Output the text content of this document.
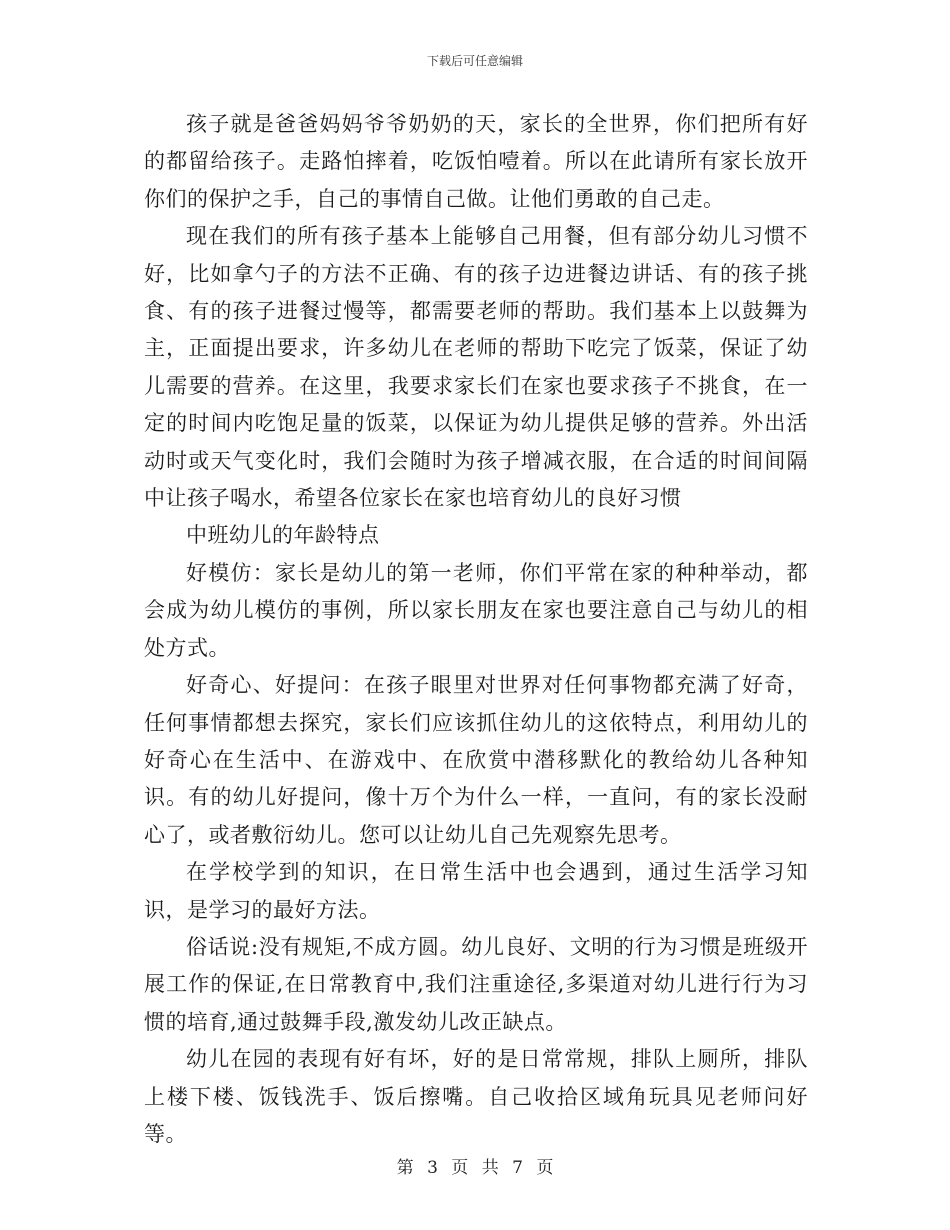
下载后可任意编辑

孩子就是爸爸妈妈爷爷奶奶的天，家长的全世界，你们把所有好的都留给孩子。走路怕摔着，吃饭怕噎着。所以在此请所有家长放开你们的保护之手，自己的事情自己做。让他们勇敢的自己走。

现在我们的所有孩子基本上能够自己用餐，但有部分幼儿习惯不好，比如拿勺子的方法不正确、有的孩子边进餐边讲话、有的孩子挑食、有的孩子进餐过慢等，都需要老师的帮助。我们基本上以鼓舞为主，正面提出要求，许多幼儿在老师的帮助下吃完了饭菜，保证了幼儿需要的营养。在这里，我要求家长们在家也要求孩子不挑食，在一定的时间内吃饱足量的饭菜，以保证为幼儿提供足够的营养。外出活动时或天气变化时，我们会随时为孩子增减衣服，在合适的时间间隔中让孩子喝水，希望各位家长在家也培育幼儿的良好习惯

中班幼儿的年龄特点

好模仿：家长是幼儿的第一老师，你们平常在家的种种举动，都会成为幼儿模仿的事例，所以家长朋友在家也要注意自己与幼儿的相处方式。

好奇心、好提问：在孩子眼里对世界对任何事物都充满了好奇，任何事情都想去探究，家长们应该抓住幼儿的这依特点，利用幼儿的好奇心在生活中、在游戏中、在欣赏中潜移默化的教给幼儿各种知识。有的幼儿好提问，像十万个为什么一样，一直问，有的家长没耐心了，或者敷衍幼儿。您可以让幼儿自己先观察先思考。

在学校学到的知识，在日常生活中也会遇到，通过生活学习知识，是学习的最好方法。

俗话说:没有规矩,不成方圆。幼儿良好、文明的行为习惯是班级开展工作的保证,在日常教育中,我们注重途径,多渠道对幼儿进行行为习惯的培育,通过鼓舞手段,激发幼儿改正缺点。

幼儿在园的表现有好有坏，好的是日常常规，排队上厕所，排队上楼下楼、饭钱洗手、饭后擦嘴。自己收拾区域角玩具见老师问好等。

第 3 页 共 7 页
